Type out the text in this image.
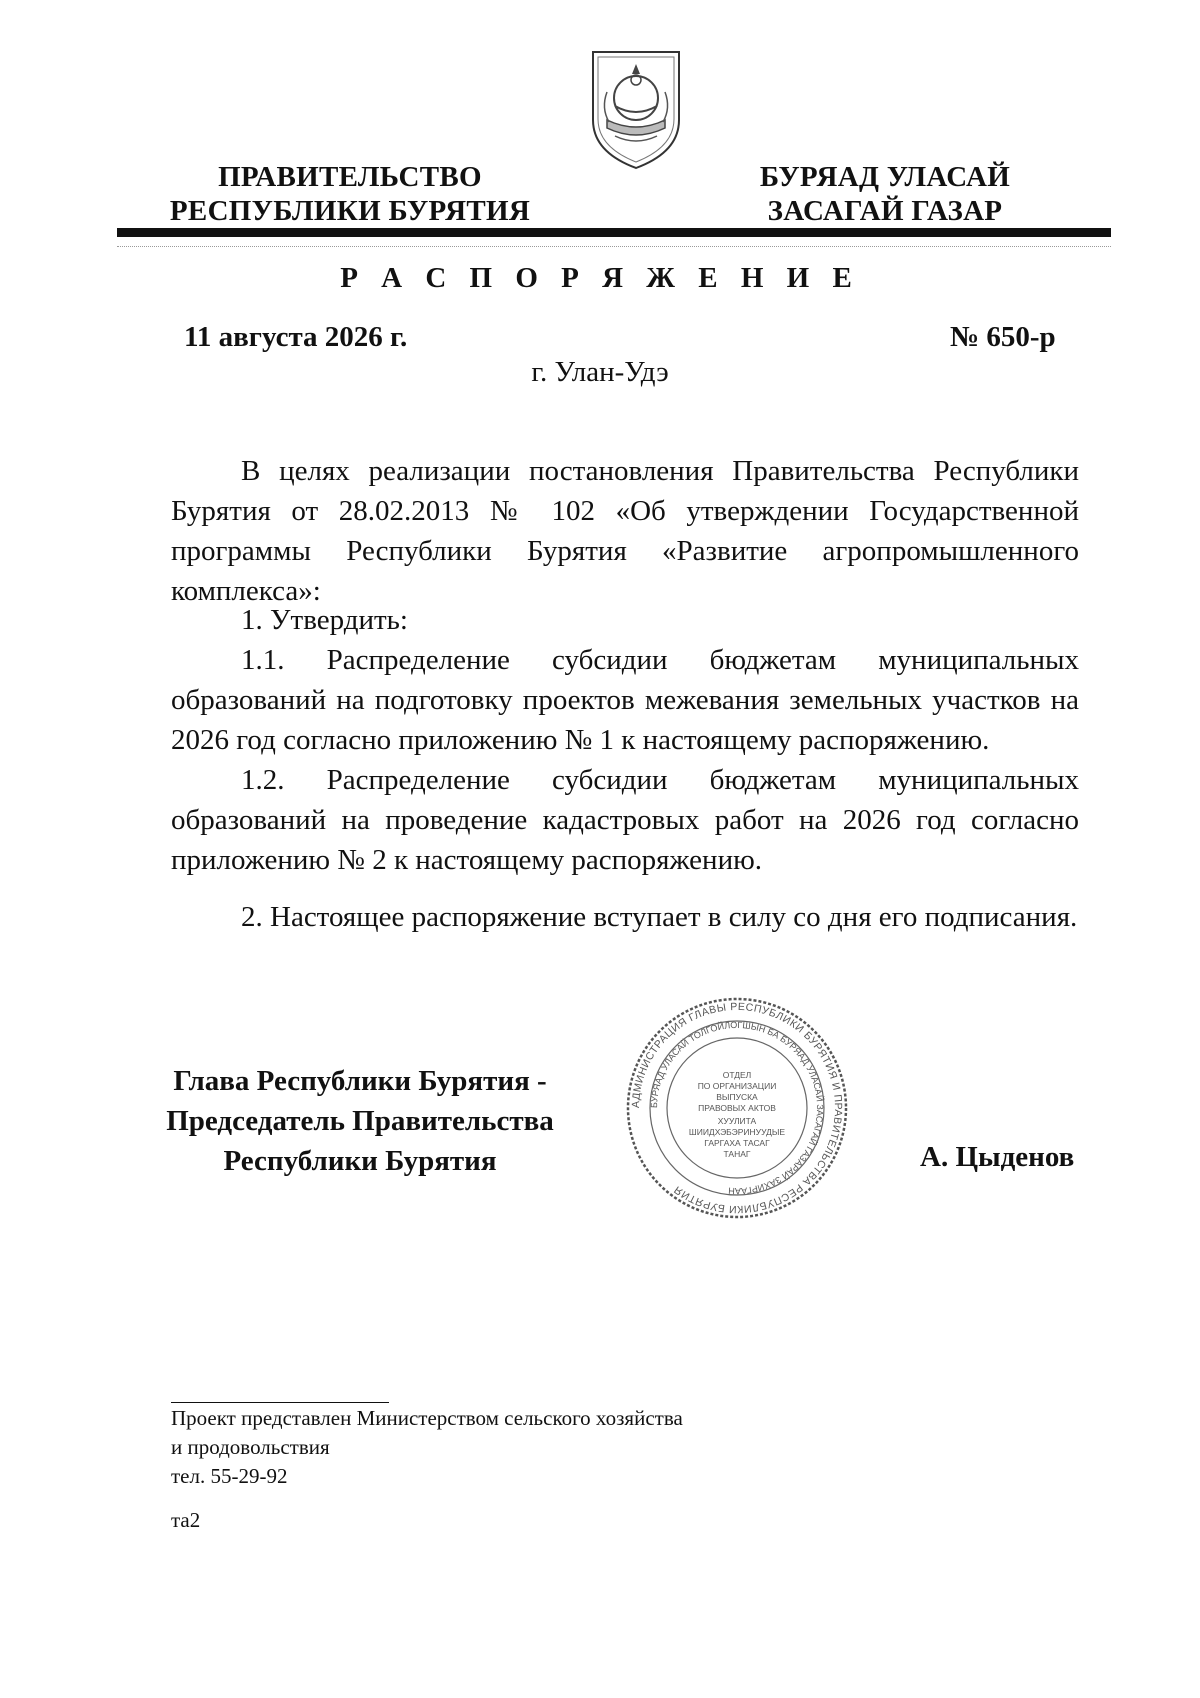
ПРАВИТЕЛЬСТВО
РЕСПУБЛИКИ БУРЯТИЯ
БУРЯАД УЛАСАЙ
ЗАСАГАЙ ГАЗАР
Р А С П О Р Я Ж Е Н И Е
11 августа 2026 г.	№ 650-р
г. Улан-Удэ

В целях реализации постановления Правительства Республики Бурятия от 28.02.2013 № 102 «Об утверждении Государственной программы Республики Бурятия «Развитие агропромышленного комплекса»:

1. Утвердить:

1.1. Распределение субсидии бюджетам муниципальных образований на подготовку проектов межевания земельных участков на 2026 год согласно приложению № 1 к настоящему распоряжению.

1.2. Распределение субсидии бюджетам муниципальных образований на проведение кадастровых работ на 2026 год согласно приложению № 2 к настоящему распоряжению.

2. Настоящее распоряжение вступает в силу со дня его подписания.

Глава Республики Бурятия -
Председатель Правительства
Республики Бурятия
АДМИНИСТРАЦИЯ ГЛАВЫ РЕСПУБЛИКИ БУРЯТИЯ И ПРАВИТЕЛЬСТВА РЕСПУБЛИКИ БУРЯТИЯ
БУРЯАД УЛАСАЙ ТОЛГОЙЛОГШЫН БА БУРЯАД УЛАСАЙ ЗАСАГАЙ ГАЗАРАЙ ЗАХИРГААН
ОТДЕЛ
ПО ОРГАНИЗАЦИИ
ВЫПУСКА
ПРАВОВЫХ АКТОВ
ХУУЛИТА
ШИИДХЭБЭРИНУУДЫЕ
ГАРГАХА ТАСАГ
ТАНАГ	А. Цыденов
Проект представлен Министерством сельского хозяйства
и продовольствия
тел. 55-29-92
та2
